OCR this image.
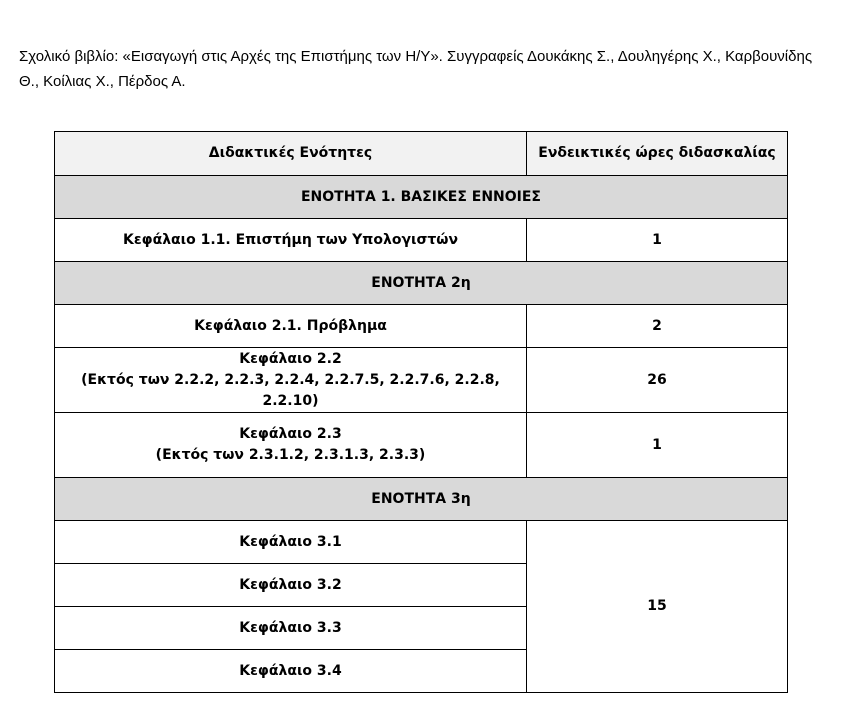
Σχολικό βιβλίο: «Εισαγωγή στις Αρχές της Επιστήμης των Η/Υ». Συγγραφείς Δουκάκης Σ., Δουληγέρης Χ., Καρβουνίδης Θ., Κοίλιας Χ., Πέρδος Α.

Διδακτικές Ενότητες	Ενδεικτικές ώρες διδασκαλίας
ΕΝΟΤΗΤΑ 1. ΒΑΣΙΚΕΣ ΕΝΝΟΙΕΣ	
Κεφάλαιο 1.1. Επιστήμη των Υπολογιστών	1
ΕΝΟΤΗΤΑ 2η	
Κεφάλαιο 2.1. Πρόβλημα	2

Κεφάλαιο 2.2
(Εκτός των 2.2.2, 2.2.3, 2.2.4, 2.2.7.5, 2.2.7.6, 2.2.8, 2.2.10)	26

Κεφάλαιο 2.3
(Εκτός των 2.3.1.2, 2.3.1.3, 2.3.3)	1
ΕΝΟΤΗΤΑ 3η	
Κεφάλαιο 3.1	15
Κεφάλαιο 3.2	
Κεφάλαιο 3.3	
Κεφάλαιο 3.4	
